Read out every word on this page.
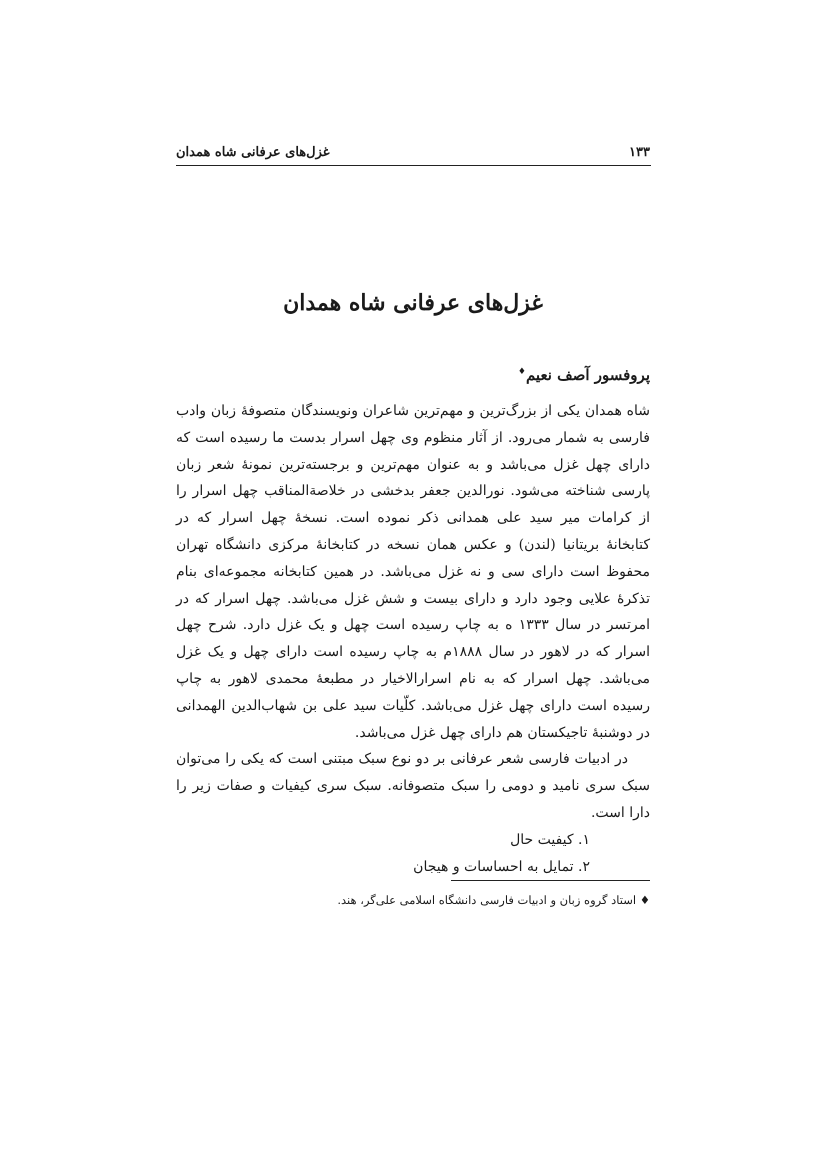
۱۳۳
غزل‌های عرفانی شاه همدان
غزل‌های عرفانی شاه همدان
پروفسور آصف نعیم♦

شاه همدان یکی از بزرگ‌ترین و مهم‌ترین شاعران ونویسندگان متصوفهٔ زبان وادب فارسی به شمار می‌رود. از آثار منظوم وی چهل اسرار بدست ما رسیده است که دارای چهل غزل می‌باشد و به عنوان مهم‌ترین و برجسته‌ترین نمونهٔ شعر زبان پارسی شناخته می‌شود. نورالدین جعفر بدخشی در خلاصةالمناقب چهل اسرار را از کرامات میر سید علی همدانی ذکر نموده است. نسخهٔ چهل اسرار که در کتابخانهٔ بریتانیا (لندن) و عکس همان نسخه در کتابخانهٔ مرکزی دانشگاه تهران محفوظ است دارای سی و نه غزل می‌باشد. در همین کتابخانه مجموعه‌ای بنام تذکرهٔ علایی وجود دارد و دارای بیست و شش غزل می‌باشد. چهل اسرار که در امرتسر در سال ۱۳۳۳ ه به چاپ رسیده است چهل و یک غزل دارد. شرح چهل اسرار که در لاهور در سال ۱۸۸۸م به چاپ رسیده است دارای چهل و یک غزل می‌باشد. چهل اسرار که به نام اسرارالاخیار در مطبعهٔ محمدی لاهور به چاپ رسیده است دارای چهل غزل می‌باشد. کلّیات سید علی بن شهاب‌الدین الهمدانی در دوشنبهٔ تاجیکستان هم دارای چهل غزل می‌باشد.

در ادبیات فارسی شعر عرفانی بر دو نوع سبک مبتنی است که یکی را می‌توان سبک سری نامید و دومی را سبک متصوفانه. سبک سری کیفیات و صفات زیر را دارا است.

۱. کیفیت حال
۲. تمایل به احساسات و هیجان
♦ استاد گروه زبان و ادبیات فارسی دانشگاه اسلامی علی‌گر، هند.
